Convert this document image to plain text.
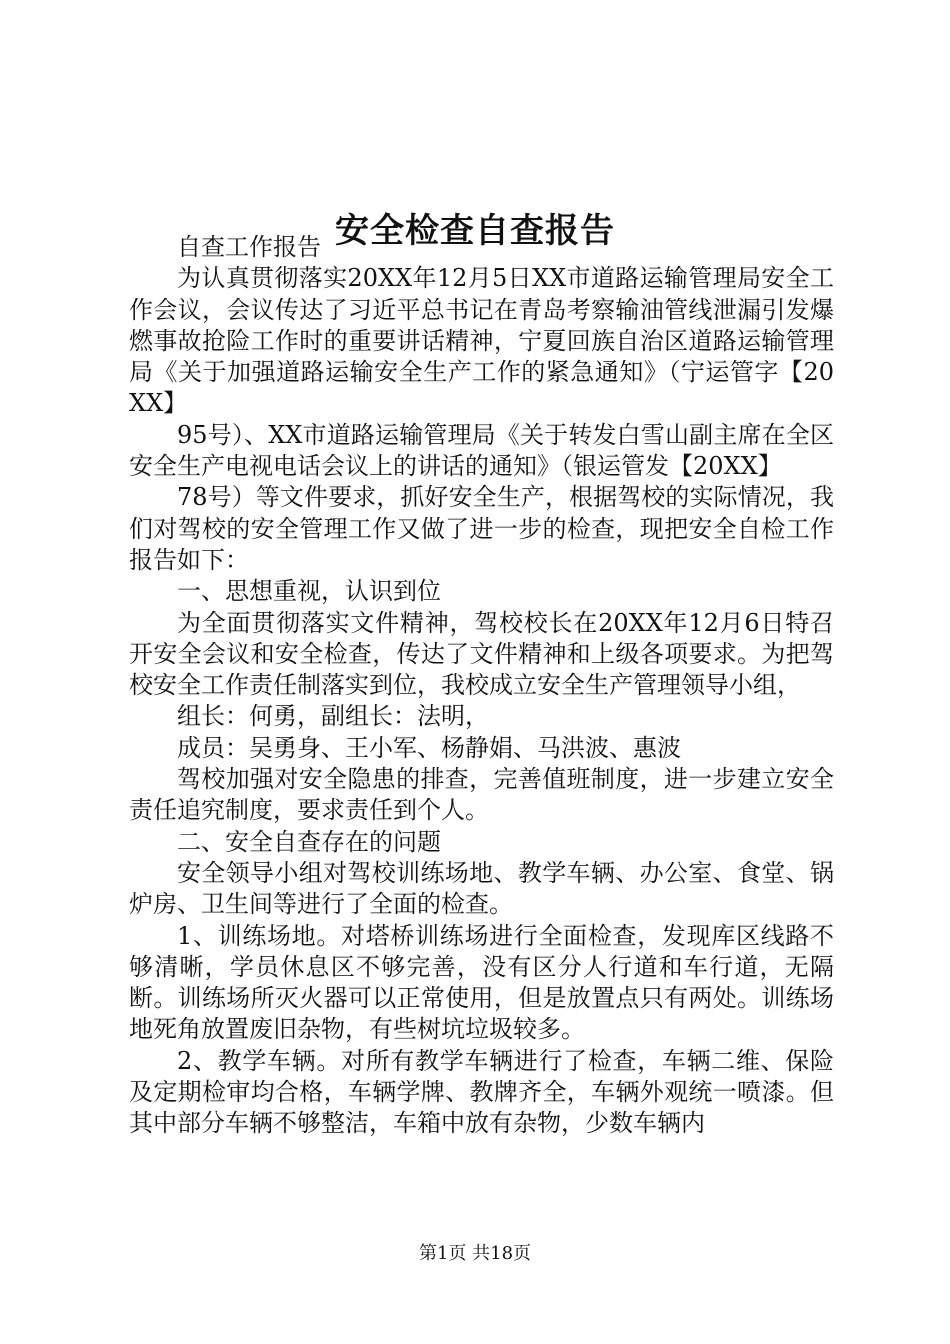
安全检查自查报告

自查工作报告

为认真贯彻落实20XX年12月5日XX市道路运输管理局安全工作会议，会议传达了习近平总书记在青岛考察输油管线泄漏引发爆燃事故抢险工作时的重要讲话精神，宁夏回族自治区道路运输管理局《关于加强道路运输安全生产工作的紧急通知》（宁运管字【20XX】

95号）、XX市道路运输管理局《关于转发白雪山副主席在全区安全生产电视电话会议上的讲话的通知》（银运管发【20XX】

78号）等文件要求，抓好安全生产，根据驾校的实际情况，我们对驾校的安全管理工作又做了进一步的检查，现把安全自检工作报告如下：

一、思想重视，认识到位

为全面贯彻落实文件精神，驾校校长在20XX年12月6日特召开安全会议和安全检查，传达了文件精神和上级各项要求。为把驾校安全工作责任制落实到位，我校成立安全生产管理领导小组，

组长：何勇，副组长：法明，

成员：吴勇身、王小军、杨静娟、马洪波、惠波

驾校加强对安全隐患的排查，完善值班制度，进一步建立安全责任追究制度，要求责任到个人。

二、安全自查存在的问题

安全领导小组对驾校训练场地、教学车辆、办公室、食堂、锅炉房、卫生间等进行了全面的检查。

1、训练场地。对塔桥训练场进行全面检查，发现库区线路不够清晰，学员休息区不够完善，没有区分人行道和车行道，无隔断。训练场所灭火器可以正常使用，但是放置点只有两处。训练场地死角放置废旧杂物，有些树坑垃圾较多。

2、教学车辆。对所有教学车辆进行了检查，车辆二维、保险及定期检审均合格，车辆学牌、教牌齐全，车辆外观统一喷漆。但其中部分车辆不够整洁，车箱中放有杂物，少数车辆内

第1页 共18页
